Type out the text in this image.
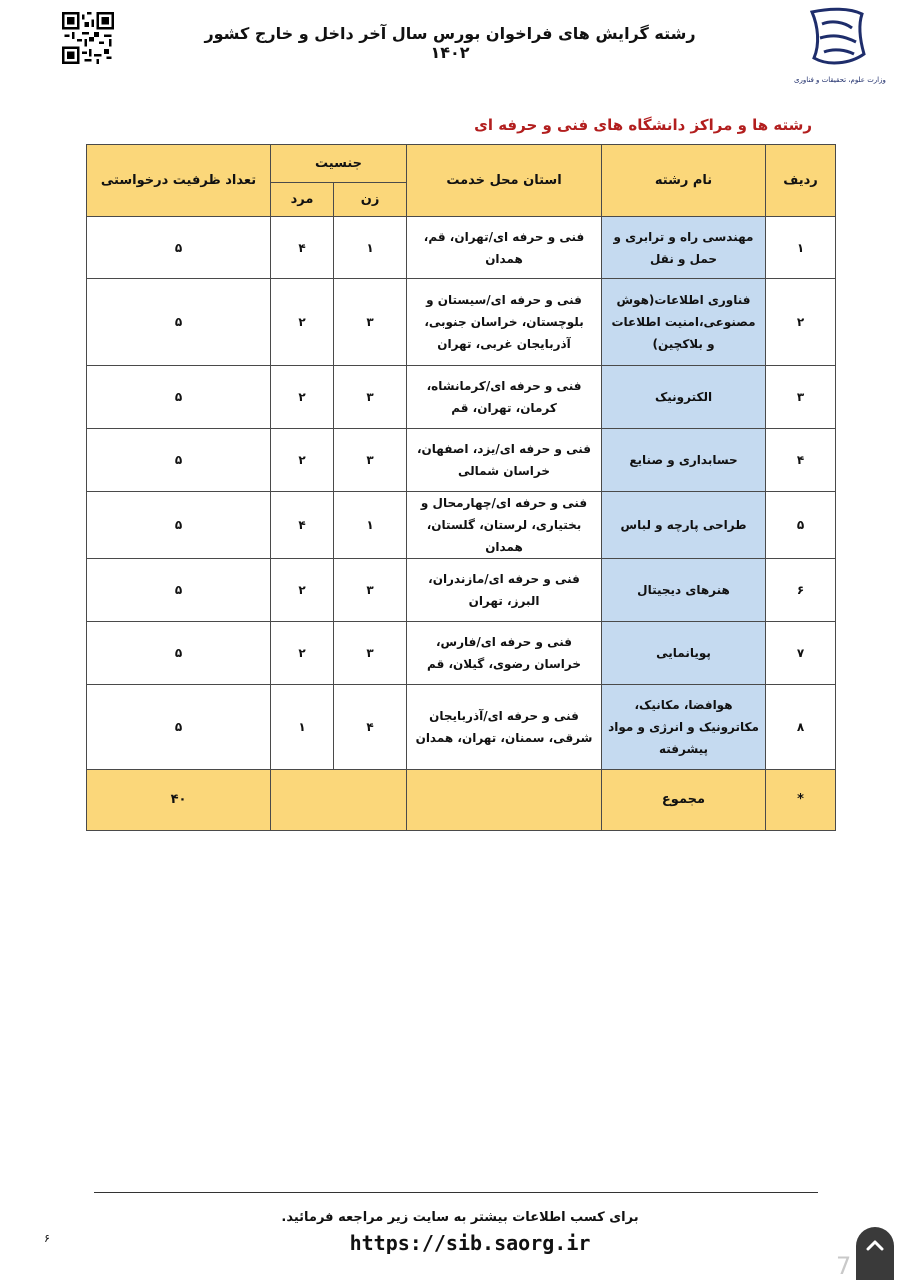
وزارت علوم، تحقیقات و فناوری
رشته گرایش های فراخوان بورس سال آخر داخل و خارج کشور ۱۴۰۲
رشته ها و مراکز دانشگاه های فنی و حرفه ای
ردیف	نام رشته	استان محل خدمت	جنسیت		تعداد ظرفیت درخواستی
			زن	مرد	
۱	مهندسی راه و ترابری و حمل و نقل	فنی و حرفه ای/تهران، قم، همدان	۱	۴	۵
۲	فناوری اطلاعات(هوش مصنوعی،امنیت اطلاعات و بلاکچین)	فنی و حرفه ای/سیستان و بلوچستان، خراسان جنوبی، آذربایجان غربی، تهران	۳	۲	۵
۳	الکترونیک	فنی و حرفه ای/کرمانشاه، کرمان، تهران، قم	۳	۲	۵
۴	حسابداری و صنایع	فنی و حرفه ای/یزد، اصفهان، خراسان شمالی	۳	۲	۵
۵	طراحی پارچه و لباس	فنی و حرفه ای/چهارمحال و بختیاری، لرستان، گلستان، همدان	۱	۴	۵
۶	هنرهای دیجیتال	فنی و حرفه ای/مازندران، البرز، تهران	۳	۲	۵
۷	پویانمایی	فنی و حرفه ای/فارس، خراسان رضوی، گیلان، قم	۳	۲	۵
۸	هوافضا، مکانیک، مکاترونیک و انرژی و مواد پیشرفته	فنی و حرفه ای/آذربایجان شرقی، سمنان، تهران، همدان	۴	۱	۵
*	مجموع				۴۰
برای کسب اطلاعات بیشتر به سایت زیر مراجعه فرمائید.
https://sib.saorg.ir
۶
7
